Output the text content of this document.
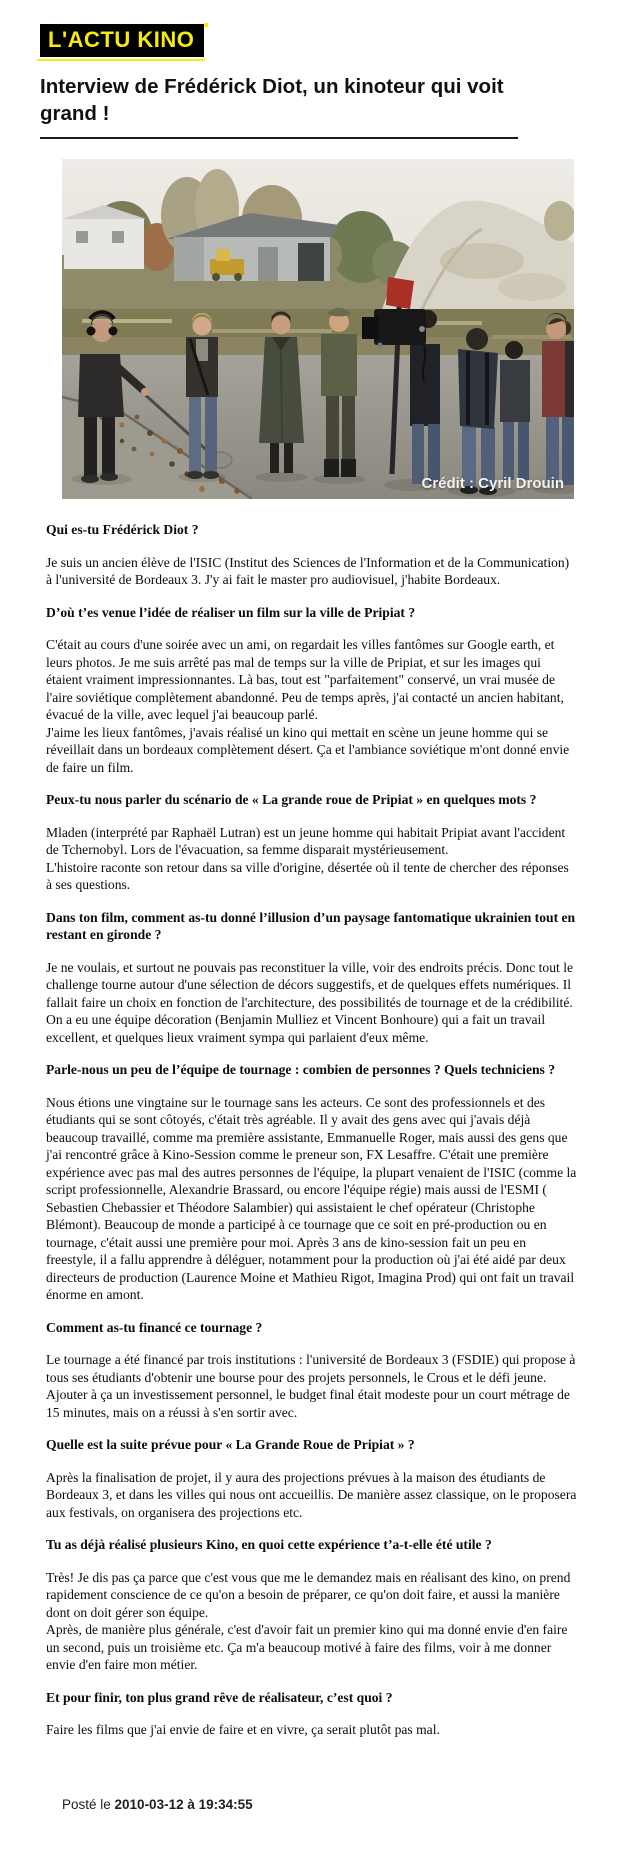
L'ACTU KINO
Interview de Frédérick Diot, un kinoteur qui voit grand !
Crédit : Cyril Drouin

Qui es-tu Frédérick Diot ?

Je suis un ancien élève de l'ISIC (Institut des Sciences de l'Information et de la Communication) à l'université de Bordeaux 3. J'y ai fait le master pro audiovisuel, j'habite Bordeaux.

D’où t’es venue l’idée de réaliser un film sur la ville de Pripiat ?

C'était au cours d'une soirée avec un ami, on regardait les villes fantômes sur Google earth, et leurs photos. Je me suis arrêté pas mal de temps sur la ville de Pripiat, et sur les images qui étaient vraiment impressionnantes. Là bas, tout est "parfaitement" conservé, un vrai musée de l'aire soviétique complètement abandonné. Peu de temps après, j'ai contacté un ancien habitant, évacué de la ville, avec lequel j'ai beaucoup parlé.
J'aime les lieux fantômes, j'avais réalisé un kino qui mettait en scène un jeune homme qui se réveillait dans un bordeaux complètement désert. Ça et l'ambiance soviétique m'ont donné envie de faire un film.

Peux-tu nous parler du scénario de « La grande roue de Pripiat » en quelques mots ?

Mladen (interprété par Raphaël Lutran) est un jeune homme qui habitait Pripiat avant l'accident de Tchernobyl. Lors de l'évacuation, sa femme disparait mystérieusement.
L'histoire raconte son retour dans sa ville d'origine, désertée où il tente de chercher des réponses à ses questions.

Dans ton film, comment as-tu donné l’illusion d’un paysage fantomatique ukrainien tout en restant en gironde ?

Je ne voulais, et surtout ne pouvais pas reconstituer la ville, voir des endroits précis. Donc tout le challenge tourne autour d'une sélection de décors suggestifs, et de quelques effets numériques. Il fallait faire un choix en fonction de l'architecture, des possibilités de tournage et de la crédibilité. On a eu une équipe décoration (Benjamin Mulliez et Vincent Bonhoure) qui a fait un travail excellent, et quelques lieux vraiment sympa qui parlaient d'eux même.

Parle-nous un peu de l’équipe de tournage : combien de personnes ? Quels techniciens ?

Nous étions une vingtaine sur le tournage sans les acteurs. Ce sont des professionnels et des étudiants qui se sont côtoyés, c'était très agréable. Il y avait des gens avec qui j'avais déjà beaucoup travaillé, comme ma première assistante, Emmanuelle Roger, mais aussi des gens que j'ai rencontré grâce à Kino-Session comme le preneur son, FX Lesaffre. C'était une première expérience avec pas mal des autres personnes de l'équipe, la plupart venaient de l'ISIC (comme la script professionnelle, Alexandrie Brassard, ou encore l'équipe régie) mais aussi de l'ESMI ( Sebastien Chebassier et Théodore Salambier) qui assistaient le chef opérateur (Christophe Blémont). Beaucoup de monde a participé à ce tournage que ce soit en pré-production ou en tournage, c'était aussi une première pour moi. Après 3 ans de kino-session fait un peu en freestyle, il a fallu apprendre à déléguer, notamment pour la production où j'ai été aidé par deux directeurs de production (Laurence Moine et Mathieu Rigot, Imagina Prod) qui ont fait un travail énorme en amont.

Comment as-tu financé ce tournage ?

Le tournage a été financé par trois institutions : l'université de Bordeaux 3 (FSDIE) qui propose à tous ses étudiants d'obtenir une bourse pour des projets personnels, le Crous et le défi jeune. Ajouter à ça un investissement personnel, le budget final était modeste pour un court métrage de 15 minutes, mais on a réussi à s'en sortir avec.

Quelle est la suite prévue pour « La Grande Roue de Pripiat » ?

Après la finalisation de projet, il y aura des projections prévues à la maison des étudiants de Bordeaux 3, et dans les villes qui nous ont accueillis. De manière assez classique, on le proposera aux festivals, on organisera des projections etc.

Tu as déjà réalisé plusieurs Kino, en quoi cette expérience t’a-t-elle été utile ?

Très! Je dis pas ça parce que c'est vous que me le demandez mais en réalisant des kino, on prend rapidement conscience de ce qu'on a besoin de préparer, ce qu'on doit faire, et aussi la manière dont on doit gérer son équipe.
Après, de manière plus générale, c'est d'avoir fait un premier kino qui ma donné envie d'en faire un second, puis un troisième etc. Ça m'a beaucoup motivé à faire des films, voir à me donner envie d'en faire mon métier.

Et pour finir, ton plus grand rêve de réalisateur, c’est quoi ?

Faire les films que j'ai envie de faire et en vivre, ça serait plutôt pas mal.

Posté le 2010-03-12 à 19:34:55
